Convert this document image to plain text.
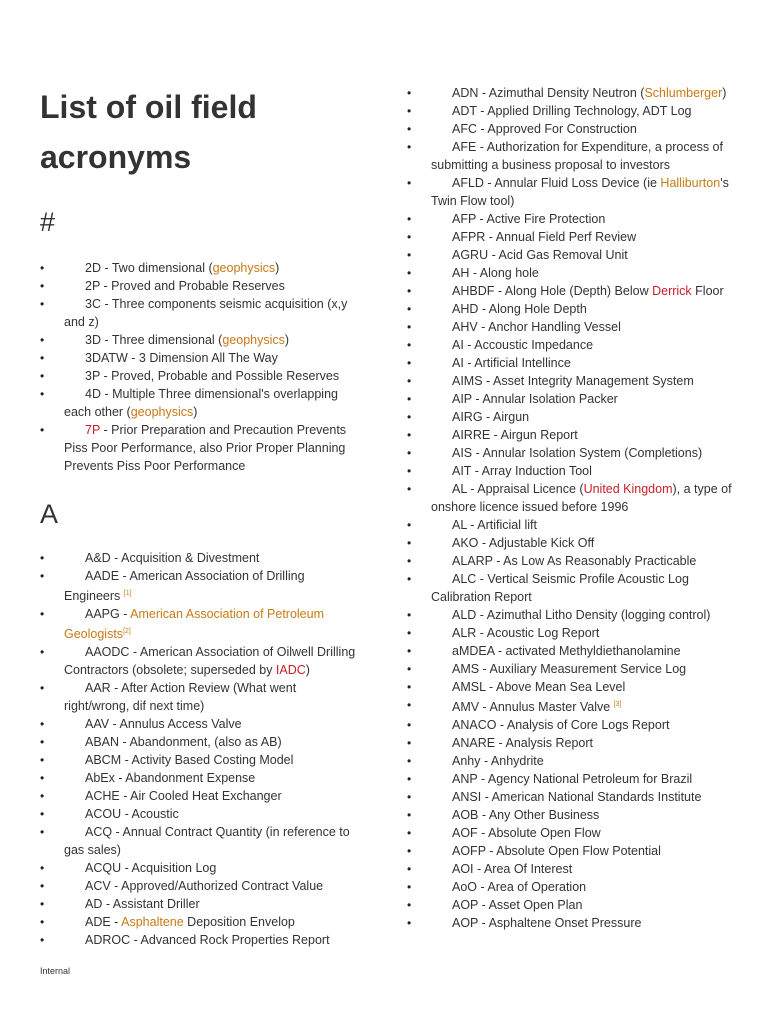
List of oil field acronyms
#
• 2D - Two dimensional (geophysics)
• 2P - Proved and Probable Reserves
• 3C - Three components seismic acquisition (x,y and z)
• 3D - Three dimensional (geophysics)
• 3DATW - 3 Dimension All The Way
• 3P - Proved, Probable and Possible Reserves
• 4D - Multiple Three dimensional's overlapping each other (geophysics)
• 7P - Prior Preparation and Precaution Prevents Piss Poor Performance, also Prior Proper Planning Prevents Piss Poor Performance
A
• A&D - Acquisition & Divestment
• AADE - American Association of Drilling Engineers [1]
• AAPG - American Association of Petroleum Geologists[2]
• AAODC - American Association of Oilwell Drilling Contractors (obsolete; superseded by IADC)
• AAR - After Action Review (What went right/wrong, dif next time)
• AAV - Annulus Access Valve
• ABAN - Abandonment, (also as AB)
• ABCM - Activity Based Costing Model
• AbEx - Abandonment Expense
• ACHE - Air Cooled Heat Exchanger
• ACOU - Acoustic
• ACQ - Annual Contract Quantity (in reference to gas sales)
• ACQU - Acquisition Log
• ACV - Approved/Authorized Contract Value
• AD - Assistant Driller
• ADE - Asphaltene Deposition Envelop
• ADROC - Advanced Rock Properties Report
• ADN - Azimuthal Density Neutron (Schlumberger)
• ADT - Applied Drilling Technology, ADT Log
• AFC - Approved For Construction
• AFE - Authorization for Expenditure, a process of submitting a business proposal to investors
• AFLD - Annular Fluid Loss Device (ie Halliburton's Twin Flow tool)
• AFP - Active Fire Protection
• AFPR - Annual Field Perf Review
• AGRU - Acid Gas Removal Unit
• AH - Along hole
• AHBDF - Along Hole (Depth) Below Derrick Floor
• AHD - Along Hole Depth
• AHV - Anchor Handling Vessel
• AI - Accoustic Impedance
• AI - Artificial Intellince
• AIMS - Asset Integrity Management System
• AIP - Annular Isolation Packer
• AIRG - Airgun
• AIRRE - Airgun Report
• AIS - Annular Isolation System (Completions)
• AIT - Array Induction Tool
• AL - Appraisal Licence (United Kingdom), a type of onshore licence issued before 1996
• AL - Artificial lift
• AKO - Adjustable Kick Off
• ALARP - As Low As Reasonably Practicable
• ALC - Vertical Seismic Profile Acoustic Log Calibration Report
• ALD - Azimuthal Litho Density (logging control)
• ALR - Acoustic Log Report
• aMDEA - activated Methyldiethanolamine
• AMS - Auxiliary Measurement Service Log
• AMSL - Above Mean Sea Level
• AMV - Annulus Master Valve [3]
• ANACO - Analysis of Core Logs Report
• ANARE - Analysis Report
• Anhy - Anhydrite
• ANP - Agency National Petroleum for Brazil
• ANSI - American National Standards Institute
• AOB - Any Other Business
• AOF - Absolute Open Flow
• AOFP - Absolute Open Flow Potential
• AOI - Area Of Interest
• AoO - Area of Operation
• AOP - Asset Open Plan
• AOP - Asphaltene Onset Pressure
Internal
